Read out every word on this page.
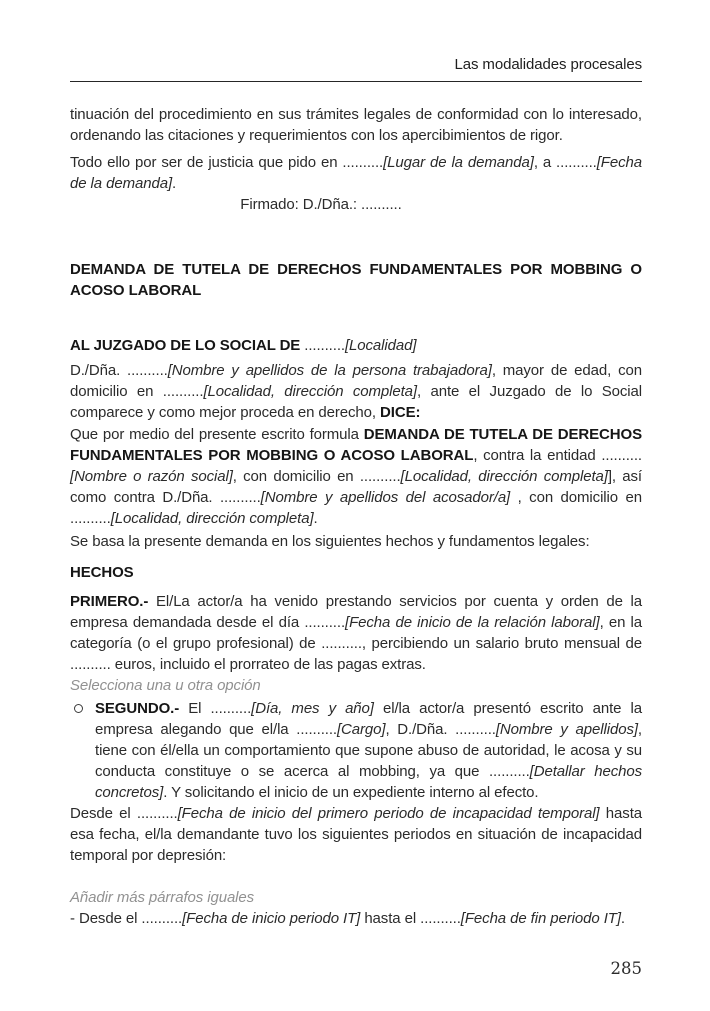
Las modalidades procesales

tinuación del procedimiento en sus trámites legales de conformidad con lo interesado, ordenando las citaciones y requerimientos con los apercibimientos de rigor.

Todo ello por ser de justicia que pido en ..........[Lugar de la demanda], a ..........[Fecha de la demanda].

Firmado: D./Dña.: ..........

DEMANDA DE TUTELA DE DERECHOS FUNDAMENTALES POR MOBBING O ACOSO LABORAL

AL JUZGADO DE LO SOCIAL DE ..........[Localidad]

D./Dña. ..........[Nombre y apellidos de la persona trabajadora], mayor de edad, con domicilio en ..........[Localidad, dirección completa], ante el Juzgado de lo Social comparece y como mejor proceda en derecho, DICE:

Que por medio del presente escrito formula DEMANDA DE TUTELA DE DERECHOS FUNDAMENTALES POR MOBBING O ACOSO LABORAL, contra la entidad ..........[Nombre o razón social], con domicilio en ..........[Localidad, dirección completa]], así como contra D./Dña. ..........[Nombre y apellidos del acosador/a] , con domicilio en ..........[Localidad, dirección completa].

Se basa la presente demanda en los siguientes hechos y fundamentos legales:

HECHOS

PRIMERO.- El/La actor/a ha venido prestando servicios por cuenta y orden de la empresa demandada desde el día ..........[Fecha de inicio de la relación laboral], en la categoría (o el grupo profesional) de .........., percibiendo un salario bruto mensual de .......... euros, incluido el prorrateo de las pagas extras.

Selecciona una u otra opción

SEGUNDO.- El ..........[Día, mes y año] el/la actor/a presentó escrito ante la empresa alegando que el/la ..........[Cargo], D./Dña. ..........[Nombre y apellidos], tiene con él/ella un comportamiento que supone abuso de autoridad, le acosa y su conducta constituye o se acerca al mobbing, ya que ..........[Detallar hechos concretos]. Y solicitando el inicio de un expediente interno al efecto.

Desde el ..........[Fecha de inicio del primero periodo de incapacidad temporal] hasta esa fecha, el/la demandante tuvo los siguientes periodos en situación de incapacidad temporal por depresión:

Añadir más párrafos iguales

- Desde el ..........[Fecha de inicio periodo IT] hasta el ..........[Fecha de fin periodo IT].

285
